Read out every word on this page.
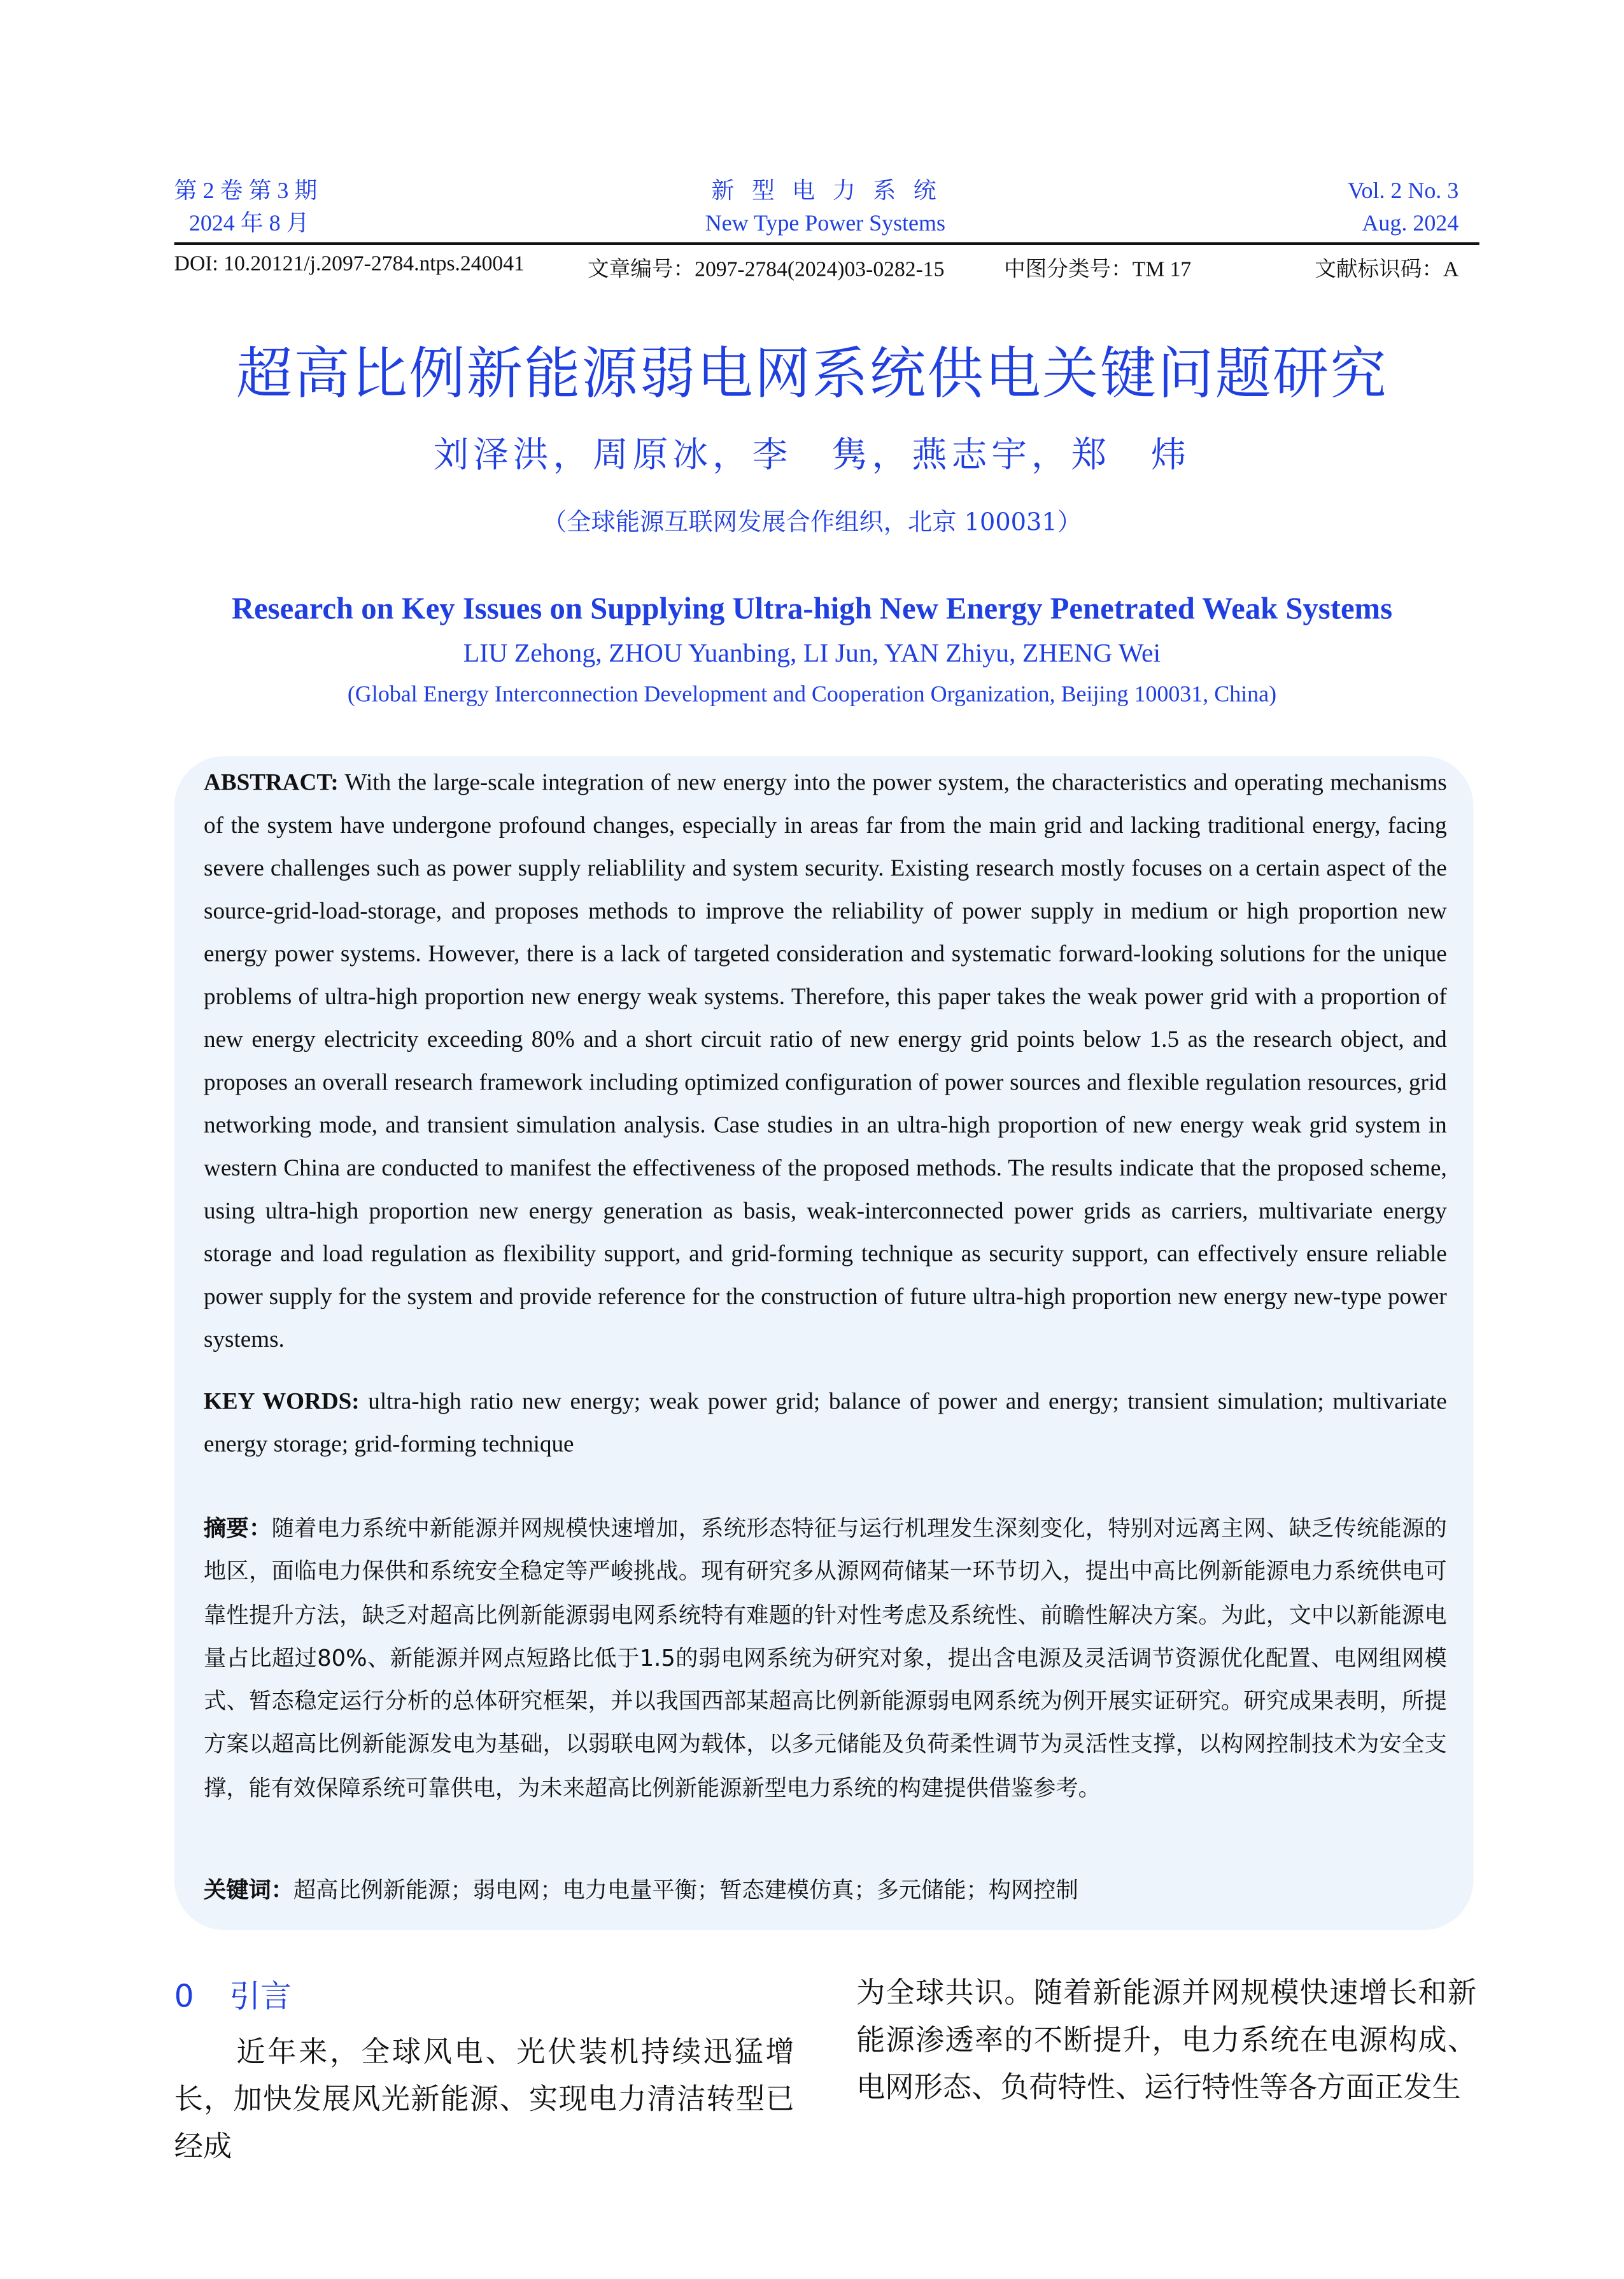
第 2 卷 第 3 期
2024 年 8 月
新 型 电 力 系 统
New Type Power Systems
Vol. 2 No. 3
Aug. 2024
DOI: 10.20121/j.2097-2784.ntps.240041	文章编号：2097-2784(2024)03-0282-15	中图分类号：TM 17	文献标识码：A
超高比例新能源弱电网系统供电关键问题研究
刘泽洪，周原冰，李　隽，燕志宇，郑　炜
（全球能源互联网发展合作组织，北京 100031）
Research on Key Issues on Supplying Ultra-high New Energy Penetrated Weak Systems
LIU Zehong, ZHOU Yuanbing, LI Jun, YAN Zhiyu, ZHENG Wei
(Global Energy Interconnection Development and Cooperation Organization, Beijing 100031, China)
ABSTRACT: With the large-scale integration of new energy into the power system, the characteristics and operating mechanisms of the system have undergone profound changes, especially in areas far from the main grid and lacking traditional energy, facing severe challenges such as power supply reliablility and system security. Existing research mostly focuses on a certain aspect of the source-grid-load-storage, and proposes methods to improve the reliability of power supply in medium or high proportion new energy power systems. However, there is a lack of targeted consideration and systematic forward-looking solutions for the unique problems of ultra-high proportion new energy weak systems. Therefore, this paper takes the weak power grid with a proportion of new energy electricity exceeding 80% and a short circuit ratio of new energy grid points below 1.5 as the research object, and proposes an overall research framework including optimized configuration of power sources and flexible regulation resources, grid networking mode, and transient simulation analysis. Case studies in an ultra-high proportion of new energy weak grid system in western China are conducted to manifest the effectiveness of the proposed methods. The results indicate that the proposed scheme, using ultra-high proportion new energy generation as basis, weak-interconnected power grids as carriers, multivariate energy storage and load regulation as flexibility support, and grid-forming technique as security support, can effectively ensure reliable power supply for the system and provide reference for the construction of future ultra-high proportion new energy new-type power systems.
KEY WORDS: ultra-high ratio new energy; weak power grid; balance of power and energy; transient simulation; multivariate energy storage; grid-forming technique
摘要：随着电力系统中新能源并网规模快速增加，系统形态特征与运行机理发生深刻变化，特别对远离主网、缺乏传统能源的地区，面临电力保供和系统安全稳定等严峻挑战。现有研究多从源网荷储某一环节切入，提出中高比例新能源电力系统供电可靠性提升方法，缺乏对超高比例新能源弱电网系统特有难题的针对性考虑及系统性、前瞻性解决方案。为此，文中以新能源电量占比超过80%、新能源并网点短路比低于1.5的弱电网系统为研究对象，提出含电源及灵活调节资源优化配置、电网组网模式、暂态稳定运行分析的总体研究框架，并以我国西部某超高比例新能源弱电网系统为例开展实证研究。研究成果表明，所提方案以超高比例新能源发电为基础，以弱联电网为载体，以多元储能及负荷柔性调节为灵活性支撑，以构网控制技术为安全支撑，能有效保障系统可靠供电，为未来超高比例新能源新型电力系统的构建提供借鉴参考。
关键词：超高比例新能源；弱电网；电力电量平衡；暂态建模仿真；多元储能；构网控制
0	引言
　　近年来，全球风电、光伏装机持续迅猛增长，加快发展风光新能源、实现电力清洁转型已经成
为全球共识。随着新能源并网规模快速增长和新能源渗透率的不断提升，电力系统在电源构成、电网形态、负荷特性、运行特性等各方面正发生
